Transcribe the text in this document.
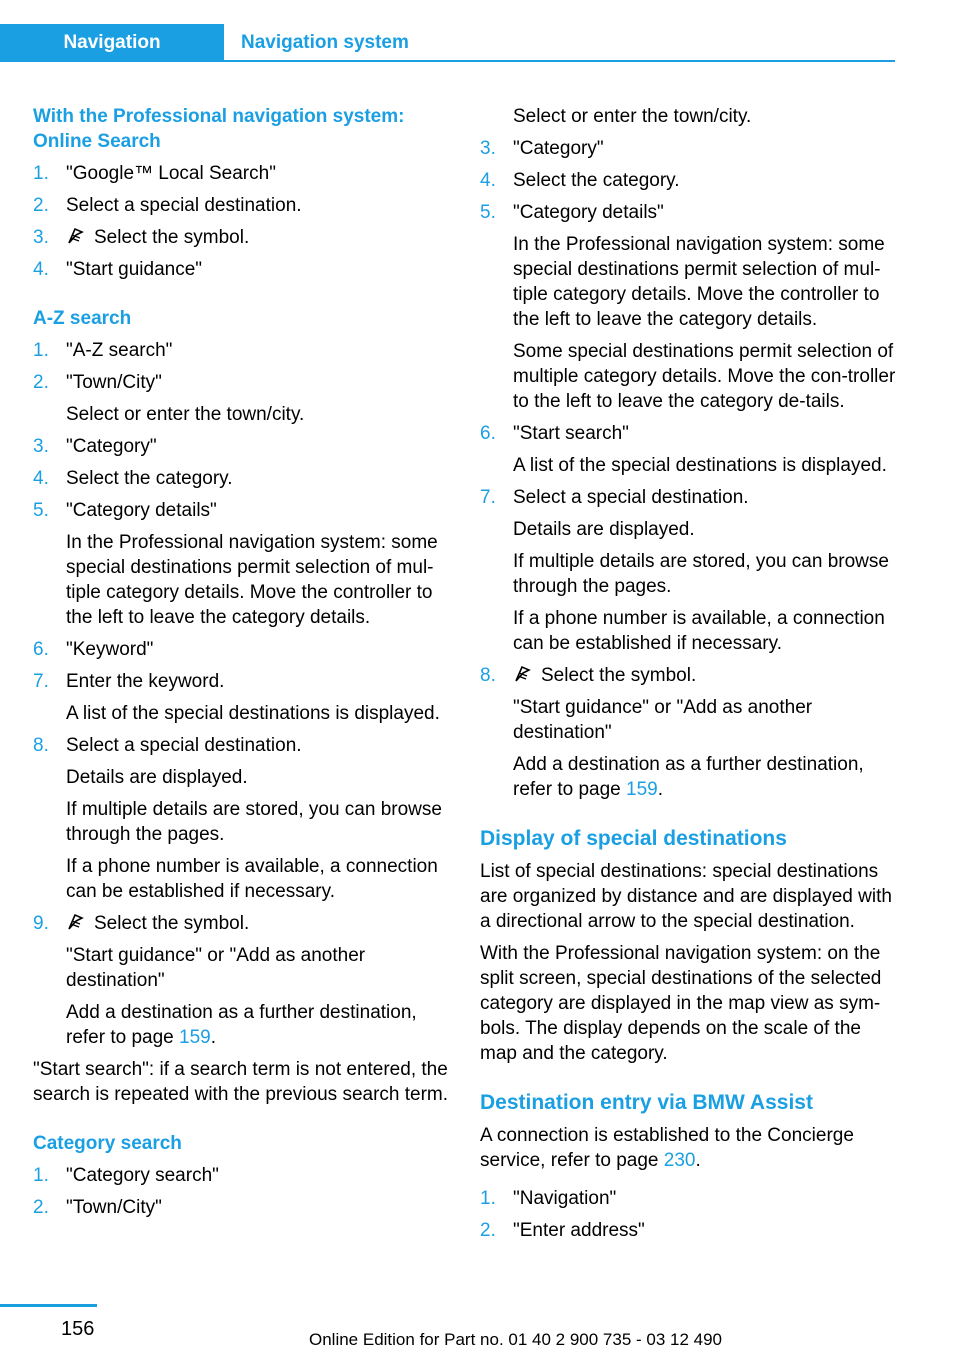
Navigation	Navigation system
With the Professional navigation system: Online Search
1. "Google™ Local Search"
2. Select a special destination.
3. Select the symbol.
4. "Start guidance"
A-Z search
1. "A-Z search"
2. "Town/City"
Select or enter the town/city.
3. "Category"
4. Select the category.
5. "Category details"
In the Professional navigation system: some special destinations permit selection of mul-tiple category details. Move the controller to the left to leave the category details.
6. "Keyword"
7. Enter the keyword.
A list of the special destinations is displayed.
8. Select a special destination.
Details are displayed.
If multiple details are stored, you can browse through the pages.
If a phone number is available, a connection can be established if necessary.
9. Select the symbol.
"Start guidance" or "Add as another destination"
Add a destination as a further destination, refer to page 159.
"Start search": if a search term is not entered, the search is repeated with the previous search term.
Category search
1. "Category search"
2. "Town/City"
Select or enter the town/city.
3. "Category"
4. Select the category.
5. "Category details"
In the Professional navigation system: some special destinations permit selection of mul-tiple category details. Move the controller to the left to leave the category details.
Some special destinations permit selection of multiple category details. Move the con-troller to the left to leave the category de-tails.
6. "Start search"
A list of the special destinations is displayed.
7. Select a special destination.
Details are displayed.
If multiple details are stored, you can browse through the pages.
If a phone number is available, a connection can be established if necessary.
8. Select the symbol.
"Start guidance" or "Add as another destination"
Add a destination as a further destination, refer to page 159.
Display of special destinations
List of special destinations: special destinations are organized by distance and are displayed with a directional arrow to the special destination.
With the Professional navigation system: on the split screen, special destinations of the selected category are displayed in the map view as sym-bols. The display depends on the scale of the map and the category.
Destination entry via BMW Assist
A connection is established to the Concierge service, refer to page 230.
1. "Navigation"
2. "Enter address"
156	Online Edition for Part no. 01 40 2 900 735 - 03 12 490
